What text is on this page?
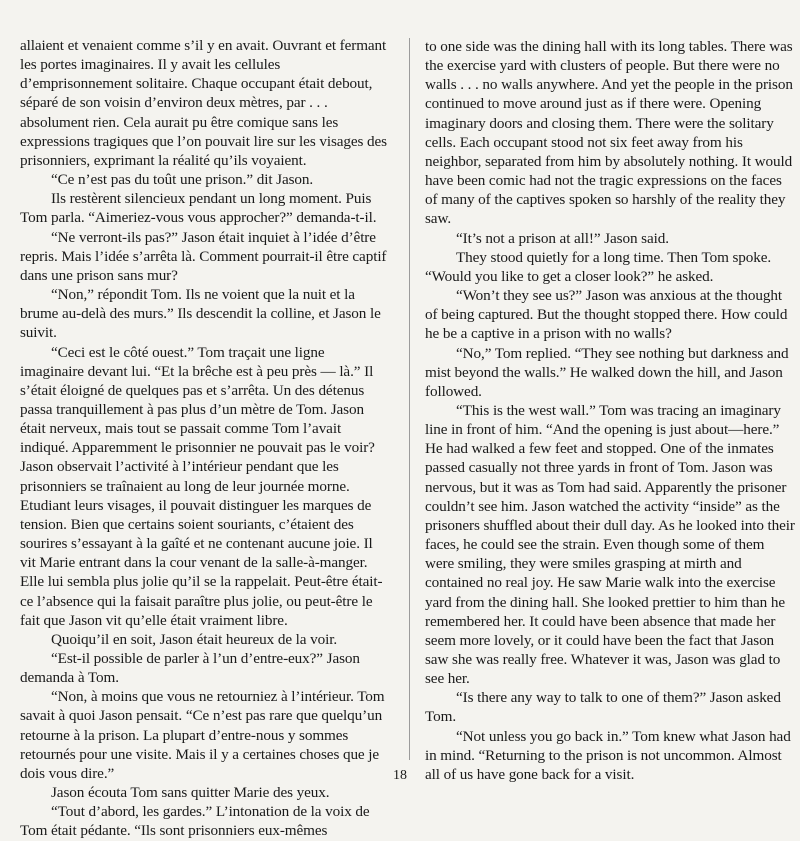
allaient et venaient comme s’il y en avait. Ouvrant et fermant les portes imaginaires. Il y avait les cellules d’emprisonnement solitaire. Chaque occupant était debout, séparé de son voisin d’environ deux mètres, par . . . absolument rien. Cela aurait pu être comique sans les expressions tragiques que l’on pouvait lire sur les visages des prisonniers, exprimant la réalité qu’ils voyaient.

“Ce n’est pas du toût une prison.” dit Jason.

Ils restèrent silencieux pendant un long moment. Puis Tom parla. “Aimeriez-vous vous approcher?” demanda-t-il.

“Ne verront-ils pas?” Jason était inquiet à l’idée d’être repris. Mais l’idée s’arrêta là. Comment pourrait-il être captif dans une prison sans mur?

“Non,” répondit Tom. Ils ne voient que la nuit et la brume au-delà des murs.” Ils descendit la colline, et Jason le suivit.

“Ceci est le côté ouest.” Tom traçait une ligne imaginaire devant lui. “Et la brêche est à peu près — là.” Il s’était éloigné de quelques pas et s’arrêta. Un des détenus passa tranquillement à pas plus d’un mètre de Tom. Jason était nerveux, mais tout se passait comme Tom l’avait indiqué. Apparemment le prisonnier ne pouvait pas le voir? Jason observait l’activité à l’intérieur pendant que les prisonniers se traînaient au long de leur journée morne. Etudiant leurs visages, il pouvait distinguer les marques de tension. Bien que certains soient souriants, c’étaient des sourires s’essayant à la gaîté et ne contenant aucune joie. Il vit Marie entrant dans la cour venant de la salle-à-manger. Elle lui sembla plus jolie qu’il se la rappelait. Peut-être était-ce l’absence qui la faisait paraître plus jolie, ou peut-être le fait que Jason vit qu’elle était vraiment libre.

Quoiqu’il en soit, Jason était heureux de la voir.

“Est-il possible de parler à l’un d’entre-eux?” Jason demanda à Tom.

“Non, à moins que vous ne retourniez à l’intérieur. Tom savait à quoi Jason pensait. “Ce n’est pas rare que quelqu’un retourne à la prison. La plupart d’entre-nous y sommes retournés pour une visite. Mais il y a certaines choses que je dois vous dire.”

Jason écouta Tom sans quitter Marie des yeux.

“Tout d’abord, les gardes.” L’intonation de la voix de Tom était pédante. “Ils sont prisonniers eux-mêmes

to one side was the dining hall with its long tables. There was the exercise yard with clusters of people. But there were no walls . . . no walls anywhere. And yet the people in the prison continued to move around just as if there were. Opening imaginary doors and closing them. There were the solitary cells. Each occupant stood not six feet away from his neighbor, separated from him by absolutely nothing. It would have been comic had not the tragic expressions on the faces of many of the captives spoken so harshly of the reality they saw.

“It’s not a prison at all!” Jason said.

They stood quietly for a long time. Then Tom spoke. “Would you like to get a closer look?” he asked.

“Won’t they see us?” Jason was anxious at the thought of being captured. But the thought stopped there. How could he be a captive in a prison with no walls?

“No,” Tom replied. “They see nothing but darkness and mist beyond the walls.” He walked down the hill, and Jason followed.

“This is the west wall.” Tom was tracing an imaginary line in front of him. “And the opening is just about—here.” He had walked a few feet and stopped. One of the inmates passed casually not three yards in front of Tom. Jason was nervous, but it was as Tom had said. Apparently the prisoner couldn’t see him. Jason watched the activity “inside” as the prisoners shuffled about their dull day. As he looked into their faces, he could see the strain. Even though some of them were smiling, they were smiles grasping at mirth and contained no real joy. He saw Marie walk into the exercise yard from the dining hall. She looked prettier to him than he remembered her. It could have been absence that made her seem more lovely, or it could have been the fact that Jason saw she was really free. Whatever it was, Jason was glad to see her.

“Is there any way to talk to one of them?” Jason asked Tom.

“Not unless you go back in.” Tom knew what Jason had in mind. “Returning to the prison is not uncommon. Almost all of us have gone back for a visit.

18
